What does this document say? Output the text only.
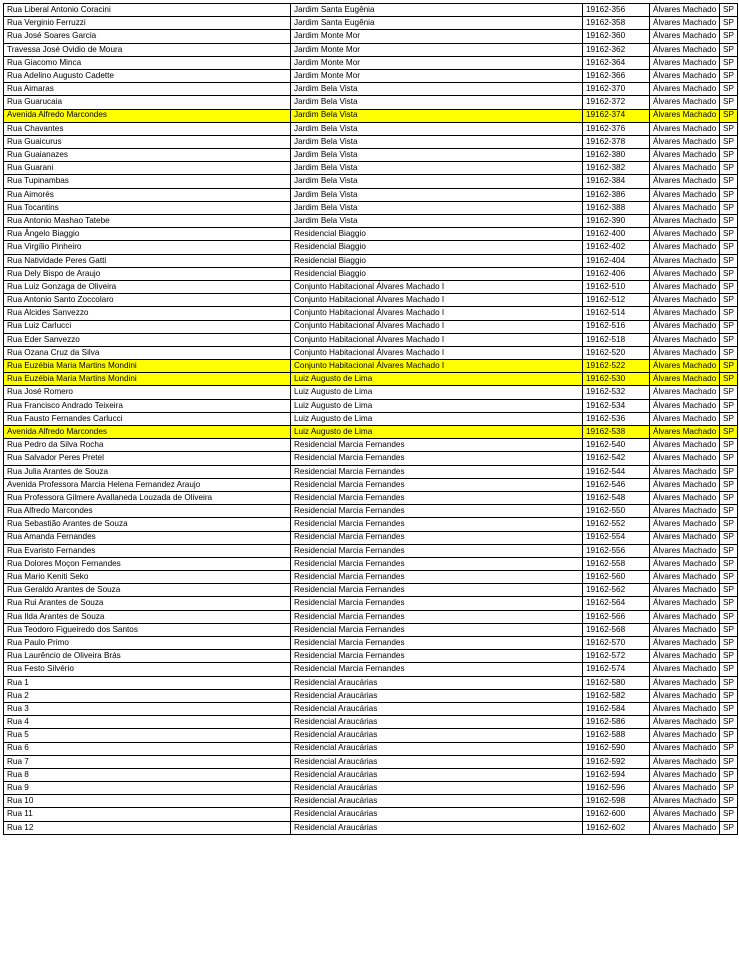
Rua Liberal Antonio Coracini	Jardim Santa Eugênia	19162-356	Álvares Machado	SP
Rua Verginio Ferruzzi	Jardim Santa Eugênia	19162-358	Álvares Machado	SP
Rua José Soares Garcia	Jardim Monte Mor	19162-360	Álvares Machado	SP
Travessa José Ovidio de Moura	Jardim Monte Mor	19162-362	Álvares Machado	SP
Rua Giacomo Minca	Jardim Monte Mor	19162-364	Álvares Machado	SP
Rua Adelino Augusto Cadette	Jardim Monte Mor	19162-366	Álvares Machado	SP
Rua Aimaras	Jardim Bela Vista	19162-370	Álvares Machado	SP
Rua Guarucaia	Jardim Bela Vista	19162-372	Álvares Machado	SP
Avenida Alfredo Marcondes	Jardim Bela Vista	19162-374	Álvares Machado	SP
Rua Chavantes	Jardim Bela Vista	19162-376	Álvares Machado	SP
Rua Guaicurus	Jardim Bela Vista	19162-378	Álvares Machado	SP
Rua Guaianazes	Jardim Bela Vista	19162-380	Álvares Machado	SP
Rua Guarani	Jardim Bela Vista	19162-382	Álvares Machado	SP
Rua Tupinambas	Jardim Bela Vista	19162-384	Álvares Machado	SP
Rua Aimorés	Jardim Bela Vista	19162-386	Álvares Machado	SP
Rua Tocantins	Jardim Bela Vista	19162-388	Álvares Machado	SP
Rua Antonio Mashao Tatebe	Jardim Bela Vista	19162-390	Álvares Machado	SP
Rua Ângelo Biaggio	Residencial Biaggio	19162-400	Álvares Machado	SP
Rua Virgílio Pinheiro	Residencial Biaggio	19162-402	Álvares Machado	SP
Rua Natividade Peres Gatti	Residencial Biaggio	19162-404	Álvares Machado	SP
Rua Dely Bispo de Araujo	Residencial Biaggio	19162-406	Álvares Machado	SP
Rua Luiz Gonzaga de Oliveira	Conjunto Habitacional Álvares Machado I	19162-510	Álvares Machado	SP
Rua Antonio Santo Zoccolaro	Conjunto Habitacional Álvares Machado I	19162-512	Álvares Machado	SP
Rua Alcides Sanvezzo	Conjunto Habitacional Álvares Machado I	19162-514	Álvares Machado	SP
Rua Luiz Carlucci	Conjunto Habitacional Álvares Machado I	19162-516	Álvares Machado	SP
Rua Eder Sanvezzo	Conjunto Habitacional Álvares Machado I	19162-518	Álvares Machado	SP
Rua Ozana Cruz da Silva	Conjunto Habitacional Álvares Machado I	19162-520	Álvares Machado	SP
Rua Euzébia Maria Martins Mondini	Conjunto Habitacional Álvares Machado I	19162-522	Álvares Machado	SP
Rua Euzébia Maria Martins Mondini	Luiz Augusto de Lima	19162-530	Álvares Machado	SP
Rua José Romero	Luiz Augusto de Lima	19162-532	Álvares Machado	SP
Rua Francisco Andrado Teixeira	Luiz Augusto de Lima	19162-534	Álvares Machado	SP
Rua Fausto Fernandes Carlucci	Luiz Augusto de Lima	19162-536	Álvares Machado	SP
Avenida Alfredo Marcondes	Luiz Augusto de Lima	19162-538	Álvares Machado	SP
Rua Pedro da Silva Rocha	Residencial Marcia Fernandes	19162-540	Álvares Machado	SP
Rua Salvador Peres Pretel	Residencial Marcia Fernandes	19162-542	Álvares Machado	SP
Rua Julia Arantes de Souza	Residencial Marcia Fernandes	19162-544	Álvares Machado	SP
Avenida Professora Marcia Helena Fernandez Araujo	Residencial Marcia Fernandes	19162-546	Álvares Machado	SP
Rua Professora Gilmere Avallaneda Louzada de Oliveira	Residencial Marcia Fernandes	19162-548	Álvares Machado	SP
Rua Alfredo Marcondes	Residencial Marcia Fernandes	19162-550	Álvares Machado	SP
Rua Sebastião Arantes de Souza	Residencial Marcia Fernandes	19162-552	Álvares Machado	SP
Rua Amanda Fernandes	Residencial Marcia Fernandes	19162-554	Álvares Machado	SP
Rua Evaristo Fernandes	Residencial Marcia Fernandes	19162-556	Álvares Machado	SP
Rua Dolores Moçon Fernandes	Residencial Marcia Fernandes	19162-558	Álvares Machado	SP
Rua Mario Keniti Seko	Residencial Marcia Fernandes	19162-560	Álvares Machado	SP
Rua Geraldo Arantes de Souza	Residencial Marcia Fernandes	19162-562	Álvares Machado	SP
Rua Rui Arantes de Souza	Residencial Marcia Fernandes	19162-564	Álvares Machado	SP
Rua Ilda Arantes de Souza	Residencial Marcia Fernandes	19162-566	Álvares Machado	SP
Rua Teodoro Figueiredo dos Santos	Residencial Marcia Fernandes	19162-568	Álvares Machado	SP
Rua Paulo Primo	Residencial Marcia Fernandes	19162-570	Álvares Machado	SP
Rua Laurêncio de Oliveira Brás	Residencial Marcia Fernandes	19162-572	Álvares Machado	SP
Rua Festo Silvério	Residencial Marcia Fernandes	19162-574	Álvares Machado	SP
Rua 1	Residencial Araucárias	19162-580	Álvares Machado	SP
Rua 2	Residencial Araucárias	19162-582	Álvares Machado	SP
Rua 3	Residencial Araucárias	19162-584	Álvares Machado	SP
Rua 4	Residencial Araucárias	19162-586	Álvares Machado	SP
Rua 5	Residencial Araucárias	19162-588	Álvares Machado	SP
Rua 6	Residencial Araucárias	19162-590	Álvares Machado	SP
Rua 7	Residencial Araucárias	19162-592	Álvares Machado	SP
Rua 8	Residencial Araucárias	19162-594	Álvares Machado	SP
Rua 9	Residencial Araucárias	19162-596	Álvares Machado	SP
Rua 10	Residencial Araucárias	19162-598	Álvares Machado	SP
Rua 11	Residencial Araucárias	19162-600	Álvares Machado	SP
Rua 12	Residencial Araucárias	19162-602	Álvares Machado	SP
